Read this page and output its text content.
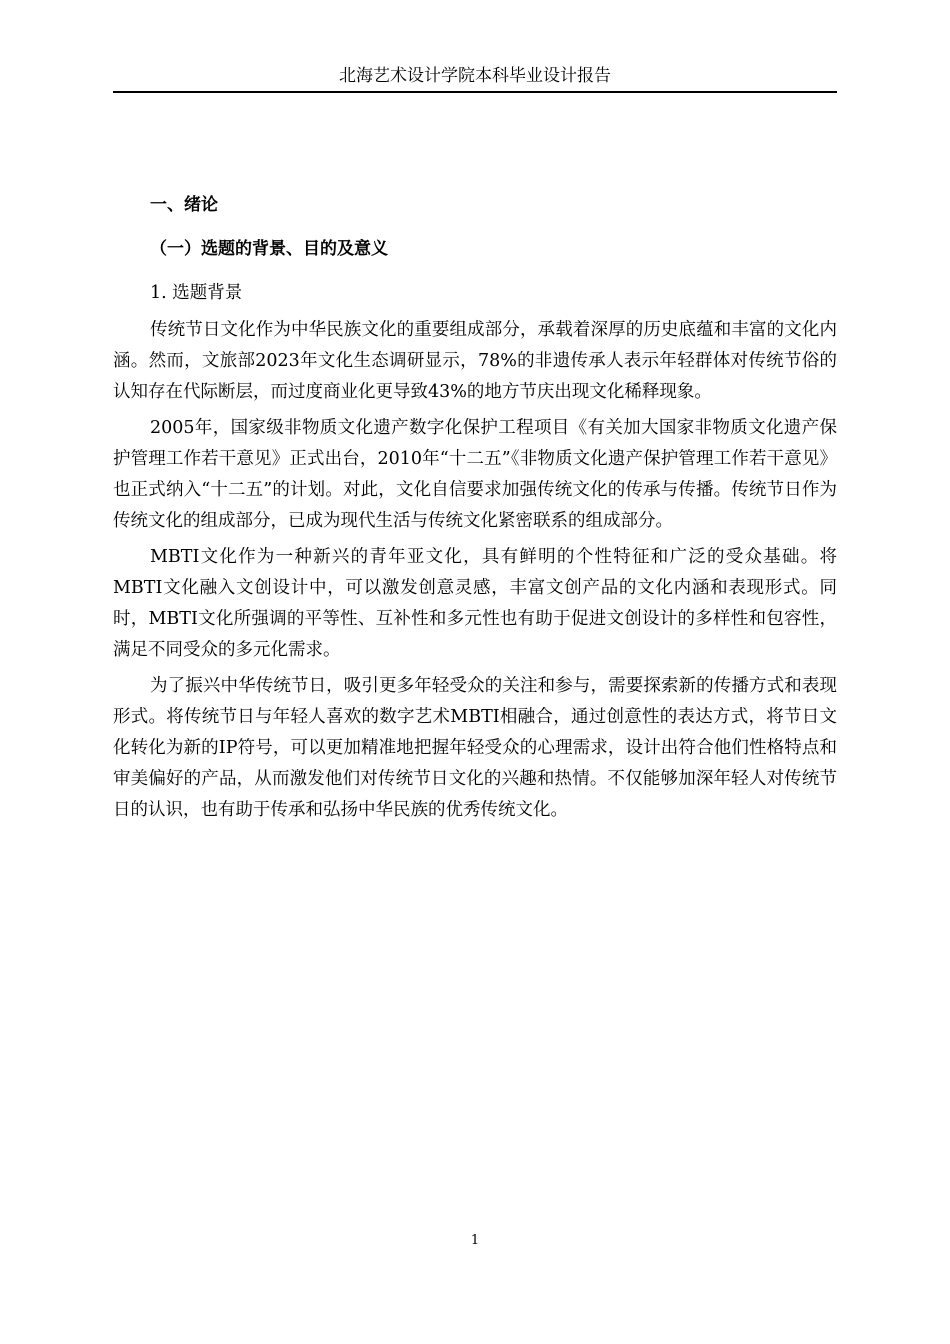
北海艺术设计学院本科毕业设计报告
一、绪论
（一）选题的背景、目的及意义
1. 选题背景

传统节日文化作为中华民族文化的重要组成部分，承载着深厚的历史底蕴和丰富的文化内涵。然而，文旅部2023年文化生态调研显示，78%的非遗传承人表示年轻群体对传统节俗的认知存在代际断层，而过度商业化更导致43%的地方节庆出现文化稀释现象。

2005年，国家级非物质文化遗产数字化保护工程项目《有关加大国家非物质文化遗产保护管理工作若干意见》正式出台，2010年“十二五”《非物质文化遗产保护管理工作若干意见》也正式纳入“十二五”的计划。对此，文化自信要求加强传统文化的传承与传播。传统节日作为传统文化的组成部分，已成为现代生活与传统文化紧密联系的组成部分。

MBTI文化作为一种新兴的青年亚文化，具有鲜明的个性特征和广泛的受众基础。将MBTI文化融入文创设计中，可以激发创意灵感，丰富文创产品的文化内涵和表现形式。同时，MBTI文化所强调的平等性、互补性和多元性也有助于促进文创设计的多样性和包容性，满足不同受众的多元化需求。

为了振兴中华传统节日，吸引更多年轻受众的关注和参与，需要探索新的传播方式和表现形式。将传统节日与年轻人喜欢的数字艺术MBTI相融合，通过创意性的表达方式，将节日文化转化为新的IP符号，可以更加精准地把握年轻受众的心理需求，设计出符合他们性格特点和审美偏好的产品，从而激发他们对传统节日文化的兴趣和热情。不仅能够加深年轻人对传统节日的认识，也有助于传承和弘扬中华民族的优秀传统文化。

1
